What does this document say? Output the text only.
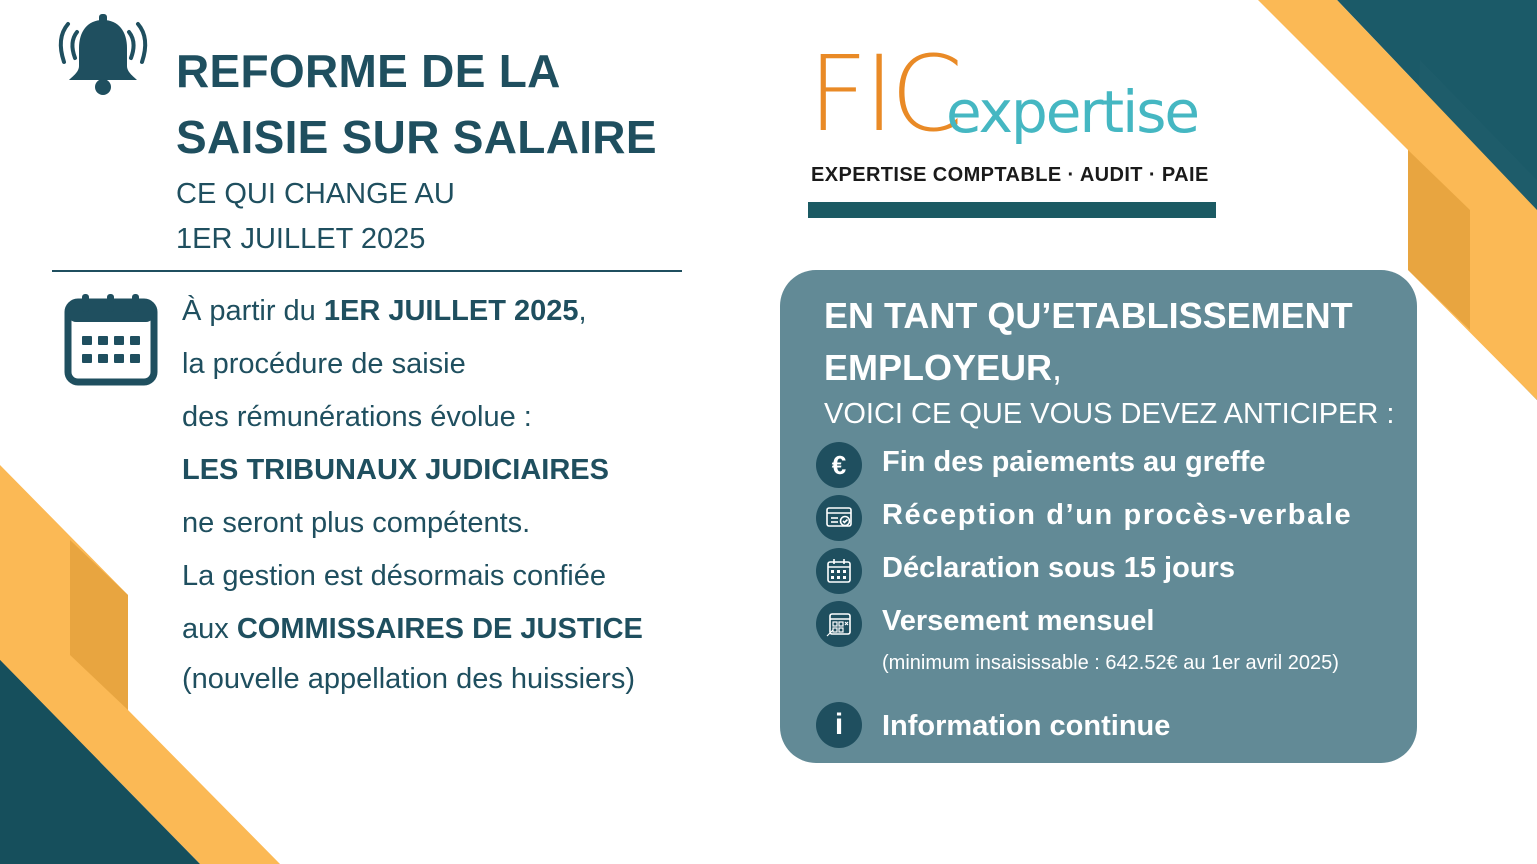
REFORME DE LA
SAISIE SUR SALAIRE
CE QUI CHANGE AU
1ER JUILLET 2025
À partir du 1ER JUILLET 2025,
la procédure de saisie
des rémunérations évolue :
LES TRIBUNAUX JUDICIAIRES
ne seront plus compétents.
La gestion est désormais confiée
aux COMMISSAIRES DE JUSTICE
(nouvelle appellation des huissiers)
FIC
expertise
EXPERTISE COMPTABLE · AUDIT · PAIE
EN TANT QU’ETABLISSEMENT
EMPLOYEUR,
VOICI CE QUE VOUS DEVEZ ANTICIPER :
€	Fin des paiements au greffe
Réception d’un procès-verbale
Déclaration sous 15 jours
Versement mensuel
(minimum insaisissable : 642.52€ au 1er avril 2025)
i	Information continue
